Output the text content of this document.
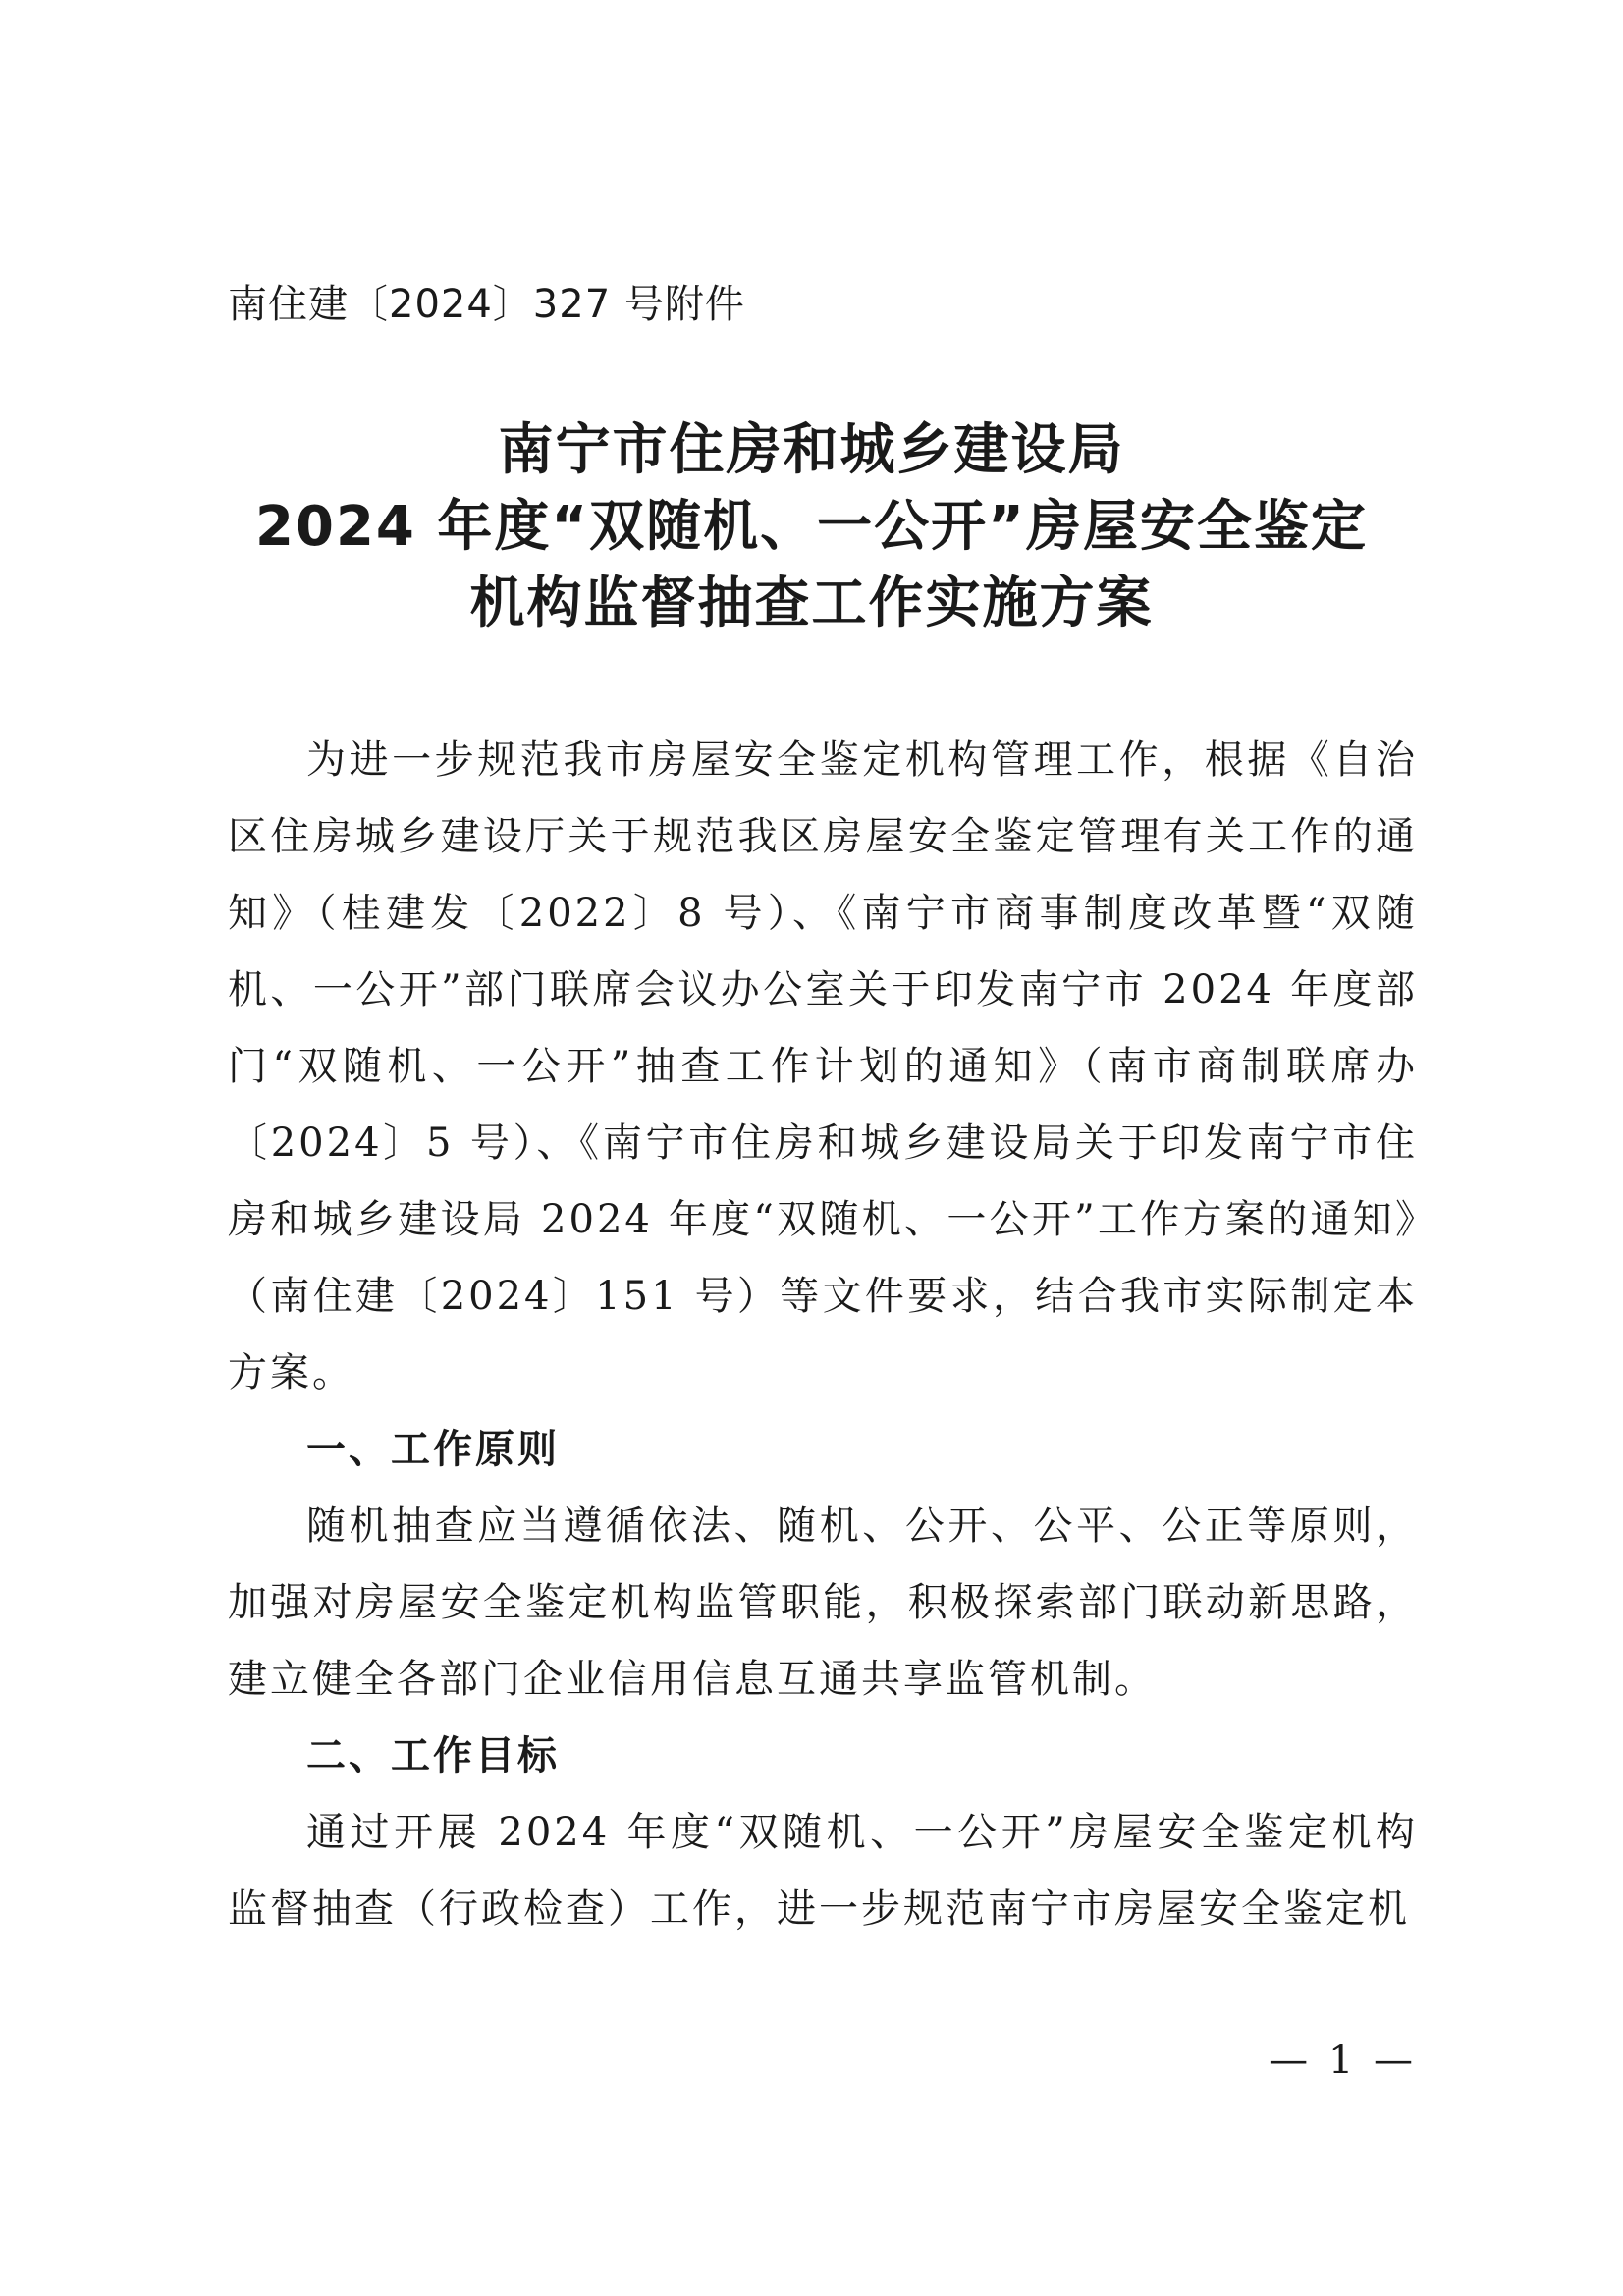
南住建〔2024〕327 号附件
南宁市住房和城乡建设局
2024 年度“双随机、一公开”房屋安全鉴定
机构监督抽查工作实施方案

为进一步规范我市房屋安全鉴定机构管理工作，根据《自治区住房城乡建设厅关于规范我区房屋安全鉴定管理有关工作的通知》（桂建发〔2022〕8 号）、《南宁市商事制度改革暨“双随机、一公开”部门联席会议办公室关于印发南宁市 2024 年度部门“双随机、一公开”抽查工作计划的通知》（南市商制联席办〔2024〕5 号）、《南宁市住房和城乡建设局关于印发南宁市住房和城乡建设局 2024 年度“双随机、一公开”工作方案的通知》（南住建〔2024〕151 号）等文件要求，结合我市实际制定本方案。

一、工作原则

随机抽查应当遵循依法、随机、公开、公平、公正等原则，加强对房屋安全鉴定机构监管职能，积极探索部门联动新思路，建立健全各部门企业信用信息互通共享监管机制。

二、工作目标

通过开展 2024 年度“双随机、一公开”房屋安全鉴定机构监督抽查（行政检查）工作，进一步规范南宁市房屋安全鉴定机

— 1 —
